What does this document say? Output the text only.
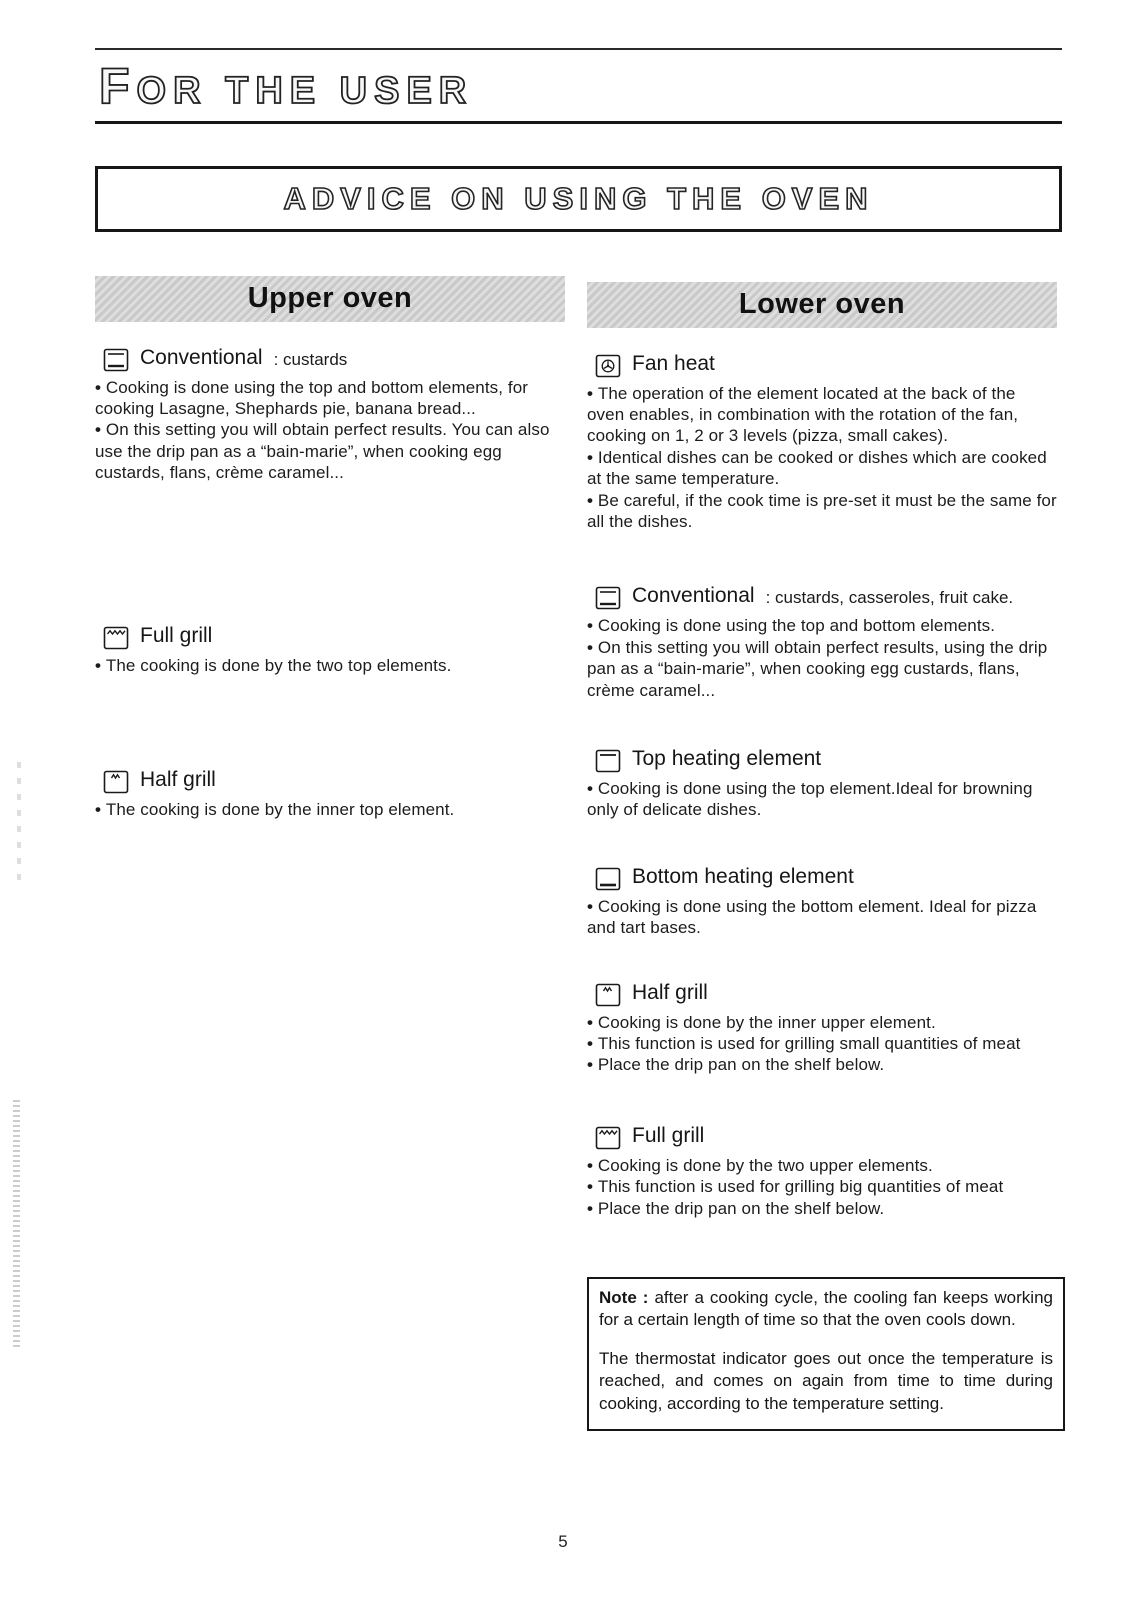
FOR THE USER
ADVICE ON USING THE OVEN
Upper oven
Conventional : custards
• Cooking is done using the top and bottom elements, for cooking Lasagne, Shephards pie, banana bread...
• On this setting you will obtain perfect results. You can also use the drip pan as a “bain-marie”, when cooking egg custards, flans, crème caramel...
Full grill
• The cooking is done by the two top elements.
Half grill
• The cooking is done by the inner top element.
Lower oven
Fan heat
• The operation of the element located at the back of the oven enables, in combination with the rotation of the fan, cooking on 1, 2 or 3 levels (pizza, small cakes).
• Identical dishes can be cooked or dishes which are cooked at the same temperature.
• Be careful, if the cook time is pre-set it must be the same for all the dishes.
Conventional : custards, casseroles, fruit cake.
• Cooking is done using the top and bottom elements.
• On this setting you will obtain perfect results, using the drip pan as a “bain-marie”, when cooking egg custards, flans, crème caramel...
Top heating element
• Cooking is done using the top element.Ideal for browning only of delicate dishes.
Bottom heating element
• Cooking is done using the bottom element. Ideal for pizza and tart bases.
Half grill
• Cooking is done by the inner upper element.
• This function is used for grilling small quantities of meat
• Place the drip pan on the shelf below.
Full grill
• Cooking is done by the two upper elements.
• This function is used for grilling big quantities of meat
• Place the drip pan on the shelf below.

Note : after a cooking cycle, the cooling fan keeps working for a certain length of time so that the oven cools down.

The thermostat indicator goes out once the temperature is reached, and comes on again from time to time during cooking, according to the temperature setting.

5
